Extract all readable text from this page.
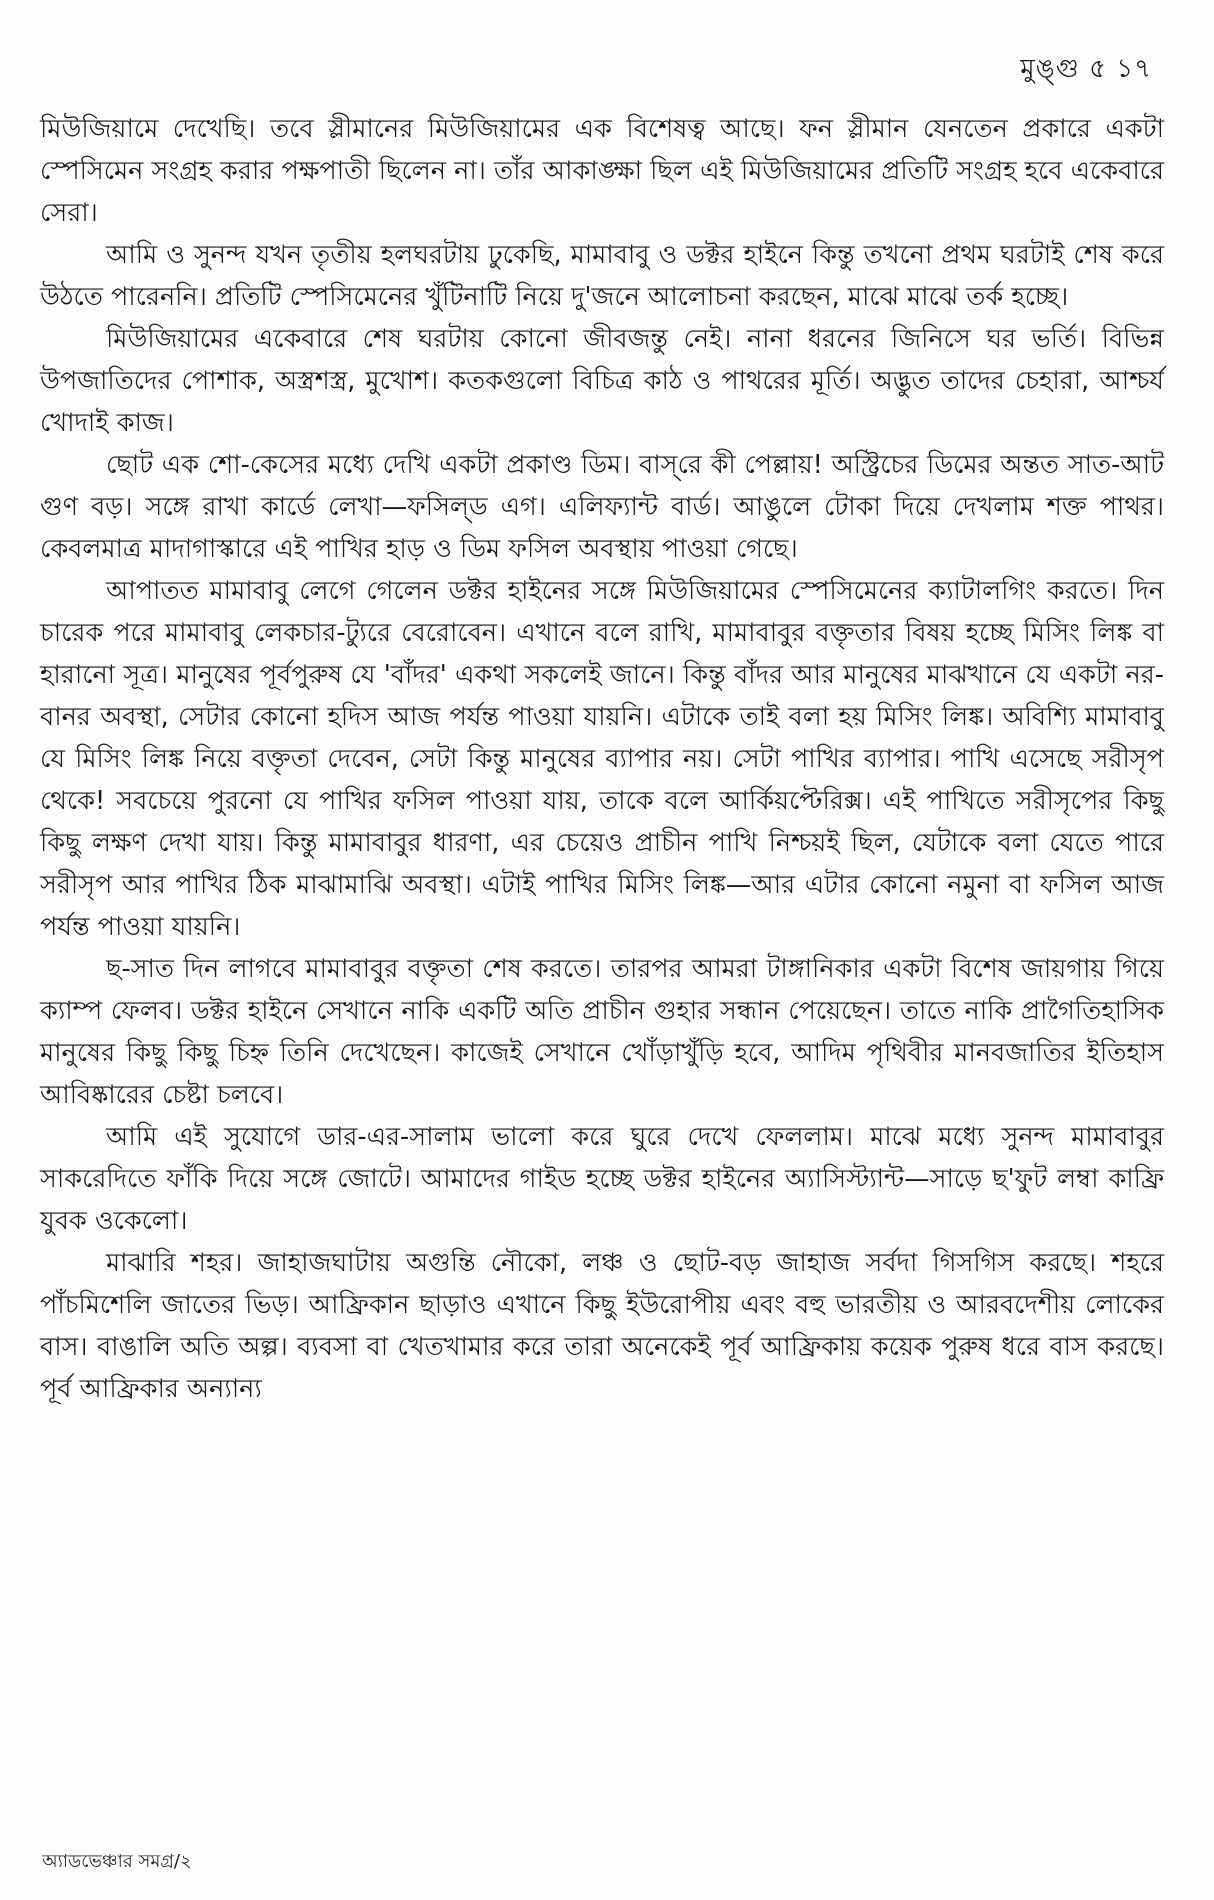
মুঙ্গু ৫ ১৭

মিউজিয়ামে দেখেছি। তবে স্লীমানের মিউজিয়ামের এক বিশেষত্ব আছে। ফন স্লীমান যেনতেন প্রকারে একটা স্পেসিমেন সংগ্রহ করার পক্ষপাতী ছিলেন না। তাঁর আকাঙ্ক্ষা ছিল এই মিউজিয়ামের প্রতিটি সংগ্রহ হবে একেবারে সেরা।

আমি ও সুনন্দ যখন তৃতীয় হলঘরটায় ঢুকেছি, মামাবাবু ও ডক্টর হাইনে কিন্তু তখনো প্রথম ঘরটাই শেষ করে উঠতে পারেননি। প্রতিটি স্পেসিমেনের খুঁটিনাটি নিয়ে দু'জনে আলোচনা করছেন, মাঝে মাঝে তর্ক হচ্ছে।

মিউজিয়ামের একেবারে শেষ ঘরটায় কোনো জীবজন্তু নেই। নানা ধরনের জিনিসে ঘর ভর্তি। বিভিন্ন উপজাতিদের পোশাক, অস্ত্রশস্ত্র, মুখোশ। কতকগুলো বিচিত্র কাঠ ও পাথরের মূর্তি। অদ্ভুত তাদের চেহারা, আশ্চর্য খোদাই কাজ।

ছোট এক শো-কেসের মধ্যে দেখি একটা প্রকাণ্ড ডিম। বাস্‌রে কী পেল্লায়! অস্ট্রিচের ডিমের অন্তত সাত-আট গুণ বড়। সঙ্গে রাখা কার্ডে লেখা—ফসিল্‌ড এগ। এলিফ্যান্ট বার্ড। আঙুলে টোকা দিয়ে দেখলাম শক্ত পাথর। কেবলমাত্র মাদাগাস্কারে এই পাখির হাড় ও ডিম ফসিল অবস্থায় পাওয়া গেছে।

আপাতত মামাবাবু লেগে গেলেন ডক্টর হাইনের সঙ্গে মিউজিয়ামের স্পেসিমেনের ক্যাটালগিং করতে। দিন চারেক পরে মামাবাবু লেকচার-ট্যুরে বেরোবেন। এখানে বলে রাখি, মামাবাবুর বক্তৃতার বিষয় হচ্ছে মিসিং লিঙ্ক বা হারানো সূত্র। মানুষের পূর্বপুরুষ যে 'বাঁদর' একথা সকলেই জানে। কিন্তু বাঁদর আর মানুষের মাঝখানে যে একটা নর-বানর অবস্থা, সেটার কোনো হদিস আজ পর্যন্ত পাওয়া যায়নি। এটাকে তাই বলা হয় মিসিং লিঙ্ক। অবিশ্যি মামাবাবু যে মিসিং লিঙ্ক নিয়ে বক্তৃতা দেবেন, সেটা কিন্তু মানুষের ব্যাপার নয়। সেটা পাখির ব্যাপার। পাখি এসেছে সরীসৃপ থেকে! সবচেয়ে পুরনো যে পাখির ফসিল পাওয়া যায়, তাকে বলে আর্কিয়প্টেরিক্স। এই পাখিতে সরীসৃপের কিছু কিছু লক্ষণ দেখা যায়। কিন্তু মামাবাবুর ধারণা, এর চেয়েও প্রাচীন পাখি নিশ্চয়ই ছিল, যেটাকে বলা যেতে পারে সরীসৃপ আর পাখির ঠিক মাঝামাঝি অবস্থা। এটাই পাখির মিসিং লিঙ্ক—আর এটার কোনো নমুনা বা ফসিল আজ পর্যন্ত পাওয়া যায়নি।

ছ-সাত দিন লাগবে মামাবাবুর বক্তৃতা শেষ করতে। তারপর আমরা টাঙ্গানিকার একটা বিশেষ জায়গায় গিয়ে ক্যাম্প ফেলব। ডক্টর হাইনে সেখানে নাকি একটি অতি প্রাচীন গুহার সন্ধান পেয়েছেন। তাতে নাকি প্রাগৈতিহাসিক মানুষের কিছু কিছু চিহ্ন তিনি দেখেছেন। কাজেই সেখানে খোঁড়াখুঁড়ি হবে, আদিম পৃথিবীর মানবজাতির ইতিহাস আবিষ্কারের চেষ্টা চলবে।

আমি এই সুযোগে ডার-এর-সালাম ভালো করে ঘুরে দেখে ফেললাম। মাঝে মধ্যে সুনন্দ মামাবাবুর সাকরেদিতে ফাঁকি দিয়ে সঙ্গে জোটে। আমাদের গাইড হচ্ছে ডক্টর হাইনের অ্যাসিস্ট্যান্ট—সাড়ে ছ'ফুট লম্বা কাফ্রি যুবক ওকেলো।

মাঝারি শহর। জাহাজঘাটায় অগুন্তি নৌকো, লঞ্চ ও ছোট-বড় জাহাজ সর্বদা গিসগিস করছে। শহরে পাঁচমিশেলি জাতের ভিড়। আফ্রিকান ছাড়াও এখানে কিছু ইউরোপীয় এবং বহু ভারতীয় ও আরবদেশীয় লোকের বাস। বাঙালি অতি অল্প। ব্যবসা বা খেতখামার করে তারা অনেকেই পূর্ব আফ্রিকায় কয়েক পুরুষ ধরে বাস করছে। পূর্ব আফ্রিকার অন্যান্য

অ্যাডভেঞ্চার সমগ্র/২
